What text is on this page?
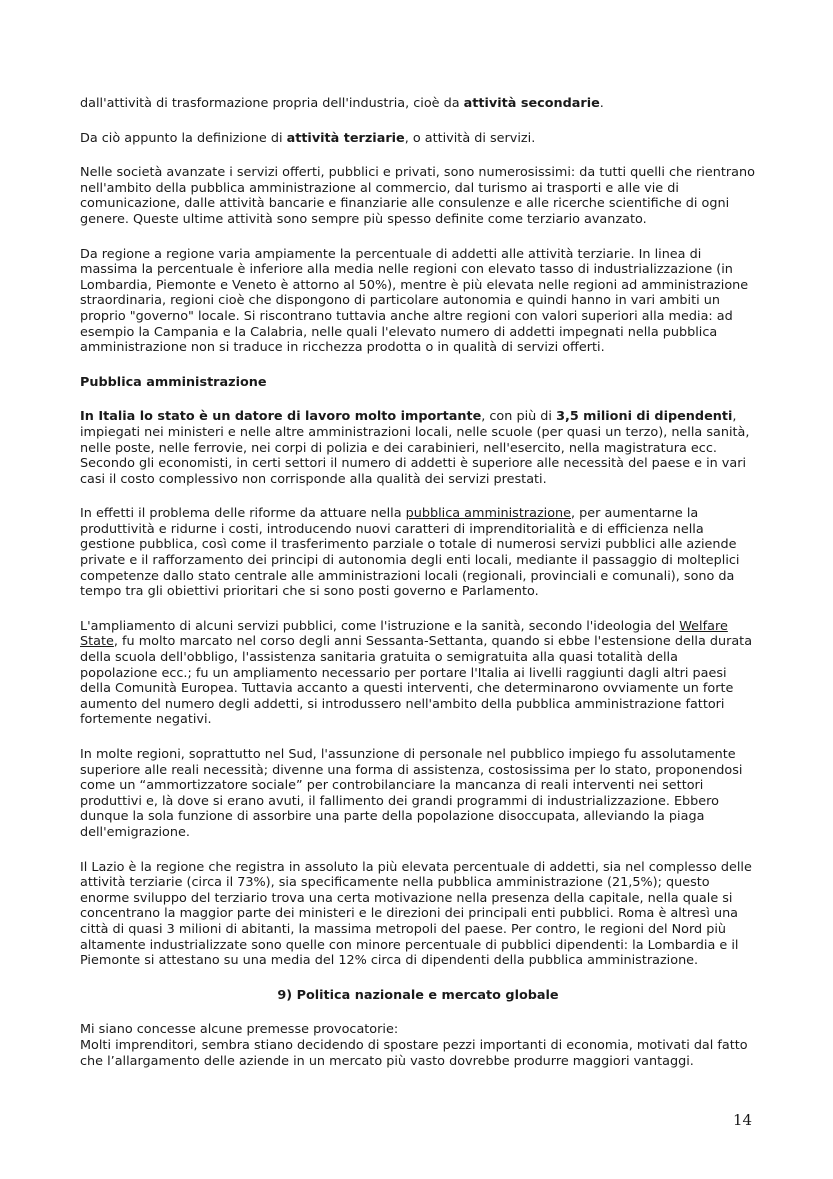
dall'attività di trasformazione propria dell'industria, cioè da attività secondarie.

Da ciò appunto la definizione di attività terziarie, o attività di servizi.

Nelle società avanzate i servizi offerti, pubblici e privati, sono numerosissimi: da tutti quelli che rientrano nell'ambito della pubblica amministrazione al commercio, dal turismo ai trasporti e alle vie di comunicazione, dalle attività bancarie e finanziarie alle consulenze e alle ricerche scientifiche di ogni genere. Queste ultime attività sono sempre più spesso definite come terziario avanzato.

Da regione a regione varia ampiamente la percentuale di addetti alle attività terziarie. In linea di massima la percentuale è inferiore alla media nelle regioni con elevato tasso di industrializzazione (in Lombardia, Piemonte e Veneto è attorno al 50%), mentre è più elevata nelle regioni ad amministrazione straordinaria, regioni cioè che dispongono di particolare autonomia e quindi hanno in vari ambiti un proprio "governo" locale. Si riscontrano tuttavia anche altre regioni con valori superiori alla media: ad esempio la Campania e la Calabria, nelle quali l'elevato numero di addetti impegnati nella pubblica amministrazione non si traduce in ricchezza prodotta o in qualità di servizi offerti.

Pubblica amministrazione

In Italia lo stato è un datore di lavoro molto importante, con più di 3,5 milioni di dipendenti, impiegati nei ministeri e nelle altre amministrazioni locali, nelle scuole (per quasi un terzo), nella sanità, nelle poste, nelle ferrovie, nei corpi di polizia e dei carabinieri, nell'esercito, nella magistratura ecc. Secondo gli economisti, in certi settori il numero di addetti è superiore alle necessità del paese e in vari casi il costo complessivo non corrisponde alla qualità dei servizi prestati.

In effetti il problema delle riforme da attuare nella pubblica amministrazione, per aumentarne la produttività e ridurne i costi, introducendo nuovi caratteri di imprenditorialità e di efficienza nella gestione pubblica, così come il trasferimento parziale o totale di numerosi servizi pubblici alle aziende private e il rafforzamento dei principi di autonomia degli enti locali, mediante il passaggio di molteplici competenze dallo stato centrale alle amministrazioni locali (regionali, provinciali e comunali), sono da tempo tra gli obiettivi prioritari che si sono posti governo e Parlamento.

L'ampliamento di alcuni servizi pubblici, come l'istruzione e la sanità, secondo l'ideologia del Welfare State, fu molto marcato nel corso degli anni Sessanta-Settanta, quando si ebbe l'estensione della durata della scuola dell'obbligo, l'assistenza sanitaria gratuita o semigratuita alla quasi totalità della popolazione ecc.; fu un ampliamento necessario per portare l'Italia ai livelli raggiunti dagli altri paesi della Comunità Europea. Tuttavia accanto a questi interventi, che determinarono ovviamente un forte aumento del numero degli addetti, si introdussero nell'ambito della pubblica amministrazione fattori fortemente negativi.

In molte regioni, soprattutto nel Sud, l'assunzione di personale nel pubblico impiego fu assolutamente superiore alle reali necessità; divenne una forma di assistenza, costosissima per lo stato, proponendosi come un “ammortizzatore sociale” per controbilanciare la mancanza di reali interventi nei settori produttivi e, là dove si erano avuti, il fallimento dei grandi programmi di industrializzazione. Ebbero dunque la sola funzione di assorbire una parte della popolazione disoccupata, alleviando la piaga dell'emigrazione.

Il Lazio è la regione che registra in assoluto la più elevata percentuale di addetti, sia nel complesso delle attività terziarie (circa il 73%), sia specificamente nella pubblica amministrazione (21,5%); questo enorme sviluppo del terziario trova una certa motivazione nella presenza della capitale, nella quale si concentrano la maggior parte dei ministeri e le direzioni dei principali enti pubblici. Roma è altresì una città di quasi 3 milioni di abitanti, la massima metropoli del paese. Per contro, le regioni del Nord più altamente industrializzate sono quelle con minore percentuale di pubblici dipendenti: la Lombardia e il Piemonte si attestano su una media del 12% circa di dipendenti della pubblica amministrazione.

9) Politica nazionale e mercato globale

Mi siano concesse alcune premesse provocatorie:

Molti imprenditori, sembra stiano decidendo di spostare pezzi importanti di economia, motivati dal fatto che l’allargamento delle aziende in un mercato più vasto dovrebbe produrre maggiori vantaggi.

14
